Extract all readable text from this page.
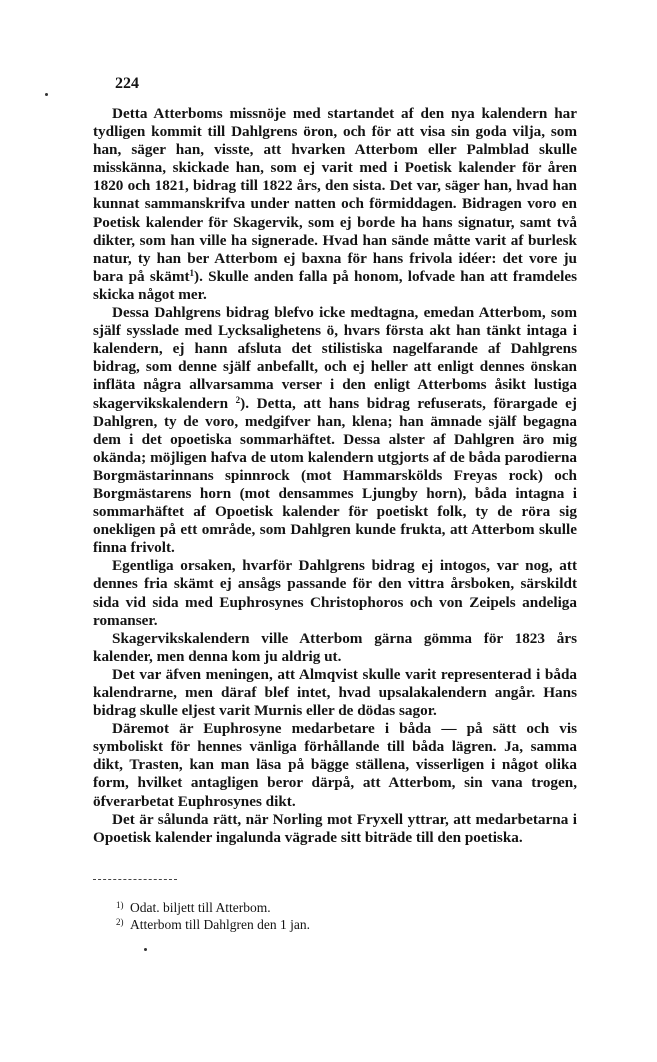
224

Detta Atterboms missnöje med startandet af den nya kalendern har tydligen kommit till Dahlgrens öron, och för att visa sin goda vilja, som han, säger han, visste, att hvarken Atterbom eller Palmblad skulle misskänna, skickade han, som ej varit med i Poetisk kalender för åren 1820 och 1821, bidrag till 1822 års, den sista. Det var, säger han, hvad han kunnat sammanskrifva under natten och förmiddagen. Bidragen voro en Poetisk kalender för Skagervik, som ej borde ha hans signatur, samt två dikter, som han ville ha signerade. Hvad han sände måtte varit af burlesk natur, ty han ber Atterbom ej baxna för hans frivola idéer: det vore ju bara på skämt$^1$). Skulle anden falla på honom, lofvade han att framdeles skicka något mer.

Dessa Dahlgrens bidrag blefvo icke medtagna, emedan Atterbom, som själf sysslade med Lycksalighetens ö, hvars första akt han tänkt intaga i kalendern, ej hann afsluta det stilistiska nagelfarande af Dahlgrens bidrag, som denne själf anbefallt, och ej heller att enligt dennes önskan infläta några allvarsamma verser i den enligt Atterboms åsikt lustiga skagervikskalendern $^2$). Detta, att hans bidrag refuserats, förargade ej Dahlgren, ty de voro, medgifver han, klena; han ämnade själf begagna dem i det opoetiska sommarhäftet. Dessa alster af Dahlgren äro mig okända; möjligen hafva de utom kalendern utgjorts af de båda parodierna Borgmästarinnans spinnrock (mot Hammarskölds Freyas rock) och Borgmästarens horn (mot densammes Ljungby horn), båda intagna i sommarhäftet af Opoetisk kalender för poetiskt folk, ty de röra sig onekligen på ett område, som Dahlgren kunde frukta, att Atterbom skulle finna frivolt.

Egentliga orsaken, hvarför Dahlgrens bidrag ej intogos, var nog, att dennes fria skämt ej ansågs passande för den vittra årsboken, särskildt sida vid sida med Euphrosynes Christophoros och von Zeipels andeliga romanser.

Skagervikskalendern ville Atterbom gärna gömma för 1823 års kalender, men denna kom ju aldrig ut.

Det var äfven meningen, att Almqvist skulle varit representerad i båda kalendrarne, men däraf blef intet, hvad upsalakalendern angår. Hans bidrag skulle eljest varit Murnis eller de dödas sagor.

Däremot är Euphrosyne medarbetare i båda — på sätt och vis symboliskt för hennes vänliga förhållande till båda lägren. Ja, samma dikt, Trasten, kan man läsa på bägge ställena, visserligen i något olika form, hvilket antagligen beror därpå, att Atterbom, sin vana trogen, öfverarbetat Euphrosynes dikt.

Det är sålunda rätt, när Norling mot Fryxell yttrar, att medarbetarna i Opoetisk kalender ingalunda vägrade sitt biträde till den poetiska.

1) Odat. biljett till Atterbom.
2) Atterbom till Dahlgren den 1 jan.
